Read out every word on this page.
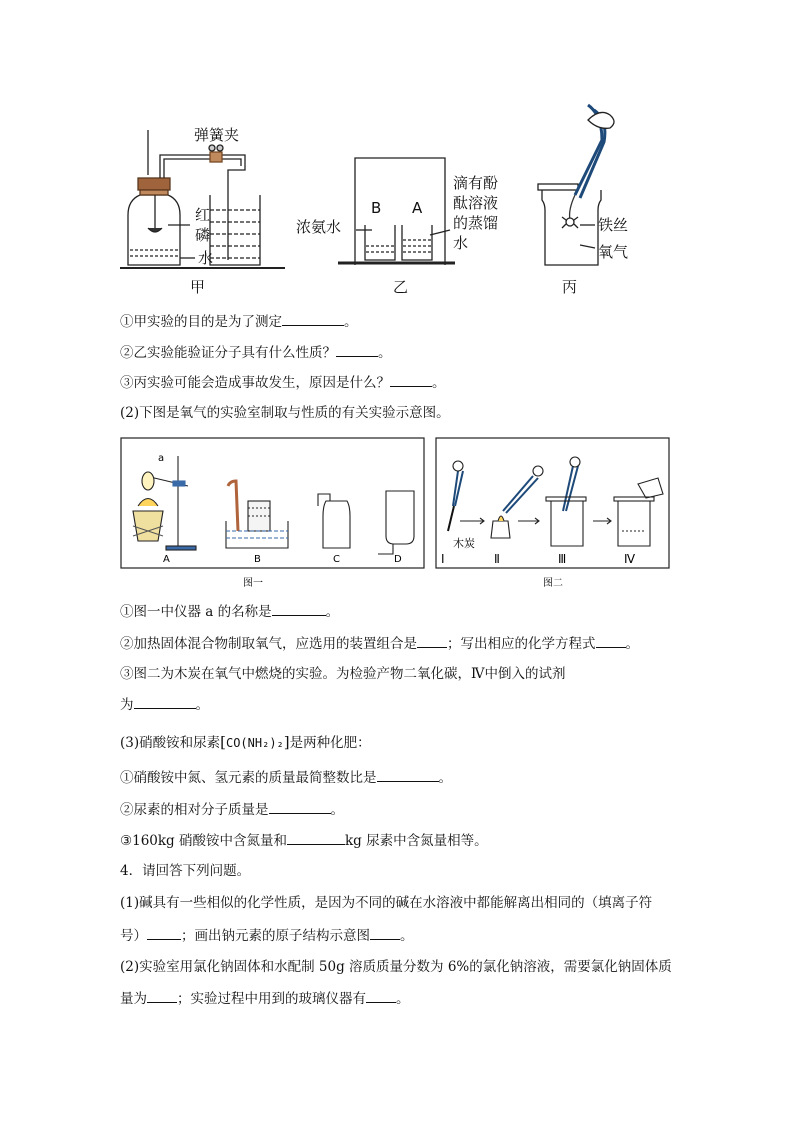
弹簧夹
红
磷
水
甲
浓氨水
B A
滴有酚
酞溶液
的蒸馏
水
乙
铁丝
氧气
丙
①甲实验的目的是为了测定	。
②乙实验能验证分子具有什么性质？	。
③丙实验可能会造成事故发生，原因是什么？	。
(2)下图是氧气的实验室制取与性质的有关实验示意图。
a
A	B	C	D
木炭
Ⅰ	Ⅱ	Ⅲ	Ⅳ
图一	图二
①图一中仪器 a 的名称是	。
②加热固体混合物制取氧气，应选用的装置组合是 ；写出相应的化学方程式 。
③图二为木炭在氧气中燃烧的实验。为检验产物二氧化碳，Ⅳ中倒入的试剂
为	。
(3)硝酸铵和尿素[CO(NH₂)₂]是两种化肥：
①硝酸铵中氮、氢元素的质量最简整数比是	。
②尿素的相对分子质量是	。
③160kg 硝酸铵中含氮量和	kg 尿素中含氮量相等。
4．请回答下列问题。
(1)碱具有一些相似的化学性质，是因为不同的碱在水溶液中都能解离出相同的（填离子符
号）	；画出钠元素的原子结构示意图 。
(2)实验室用氯化钠固体和水配制 50g 溶质质量分数为 6%的氯化钠溶液，需要氯化钠固体质
量为 ；实验过程中用到的玻璃仪器有 。
